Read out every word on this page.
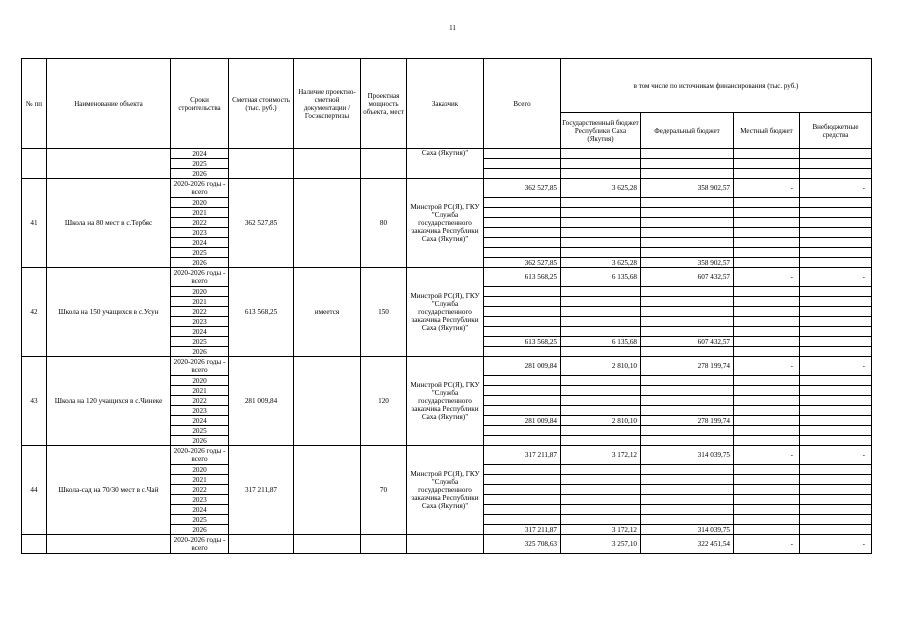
11
№ пп	Наименование объекта	Сроки строительства	Сметная стоимость (тыс. руб.)	Наличие проектно-сметной документации /Госэкспертизы	Проектная мощность объекта, мест	Заказчик	Всего	в том числе по источникам финансирования (тыс. руб.)			
								Государственный бюджет Республики Саха (Якутия)	Федеральный бюджет	Местный бюджет	Внебюджетные средства
		2024				Саха (Якутия)"					
		2025									
		2026									
41	Школа на 80 мест в с.Тербяс	2020-2026 годы - всего	362 527,85		80	Минстрой РС(Я), ГКУ "Служба государственного заказчика Республики Саха (Якутия)"	362 527,85	3 625,28	358 902,57	-	-
		2020									
		2021									
		2022									
		2023									
		2024									
		2025									
		2026					362 527,85	3 625,28	358 902,57		
42	Школа на 150 учащихся в с.Усун	2020-2026 годы - всего	613 568,25	имеется	150	Минстрой РС(Я), ГКУ "Служба государственного заказчика Республики Саха (Якутия)"	613 568,25	6 135,68	607 432,57	-	-
		2020									
		2021									
		2022									
		2023									
		2024									
		2025					613 568,25	6 135,68	607 432,57		
		2026									
43	Школа на 120 учащихся в с.Чинеке	2020-2026 годы - всего	281 009,84		120	Минстрой РС(Я), ГКУ "Служба государственного заказчика Республики Саха (Якутия)"	281 009,84	2 810,10	278 199,74	-	-
		2020									
		2021									
		2022									
		2023									
		2024					281 009,84	2 810,10	278 199,74		
		2025									
		2026									
44	Школа-сад на 70/30 мест в с.Чай	2020-2026 годы - всего	317 211,87		70	Минстрой РС(Я), ГКУ "Служба государственного заказчика Республики Саха (Якутия)"	317 211,87	3 172,12	314 039,75	-	-
		2020									
		2021									
		2022									
		2023									
		2024									
		2025									
		2026					317 211,87	3 172,12	314 039,75		
		2020-2026 годы - всего					325 708,63	3 257,10	322 451,54	-	-
